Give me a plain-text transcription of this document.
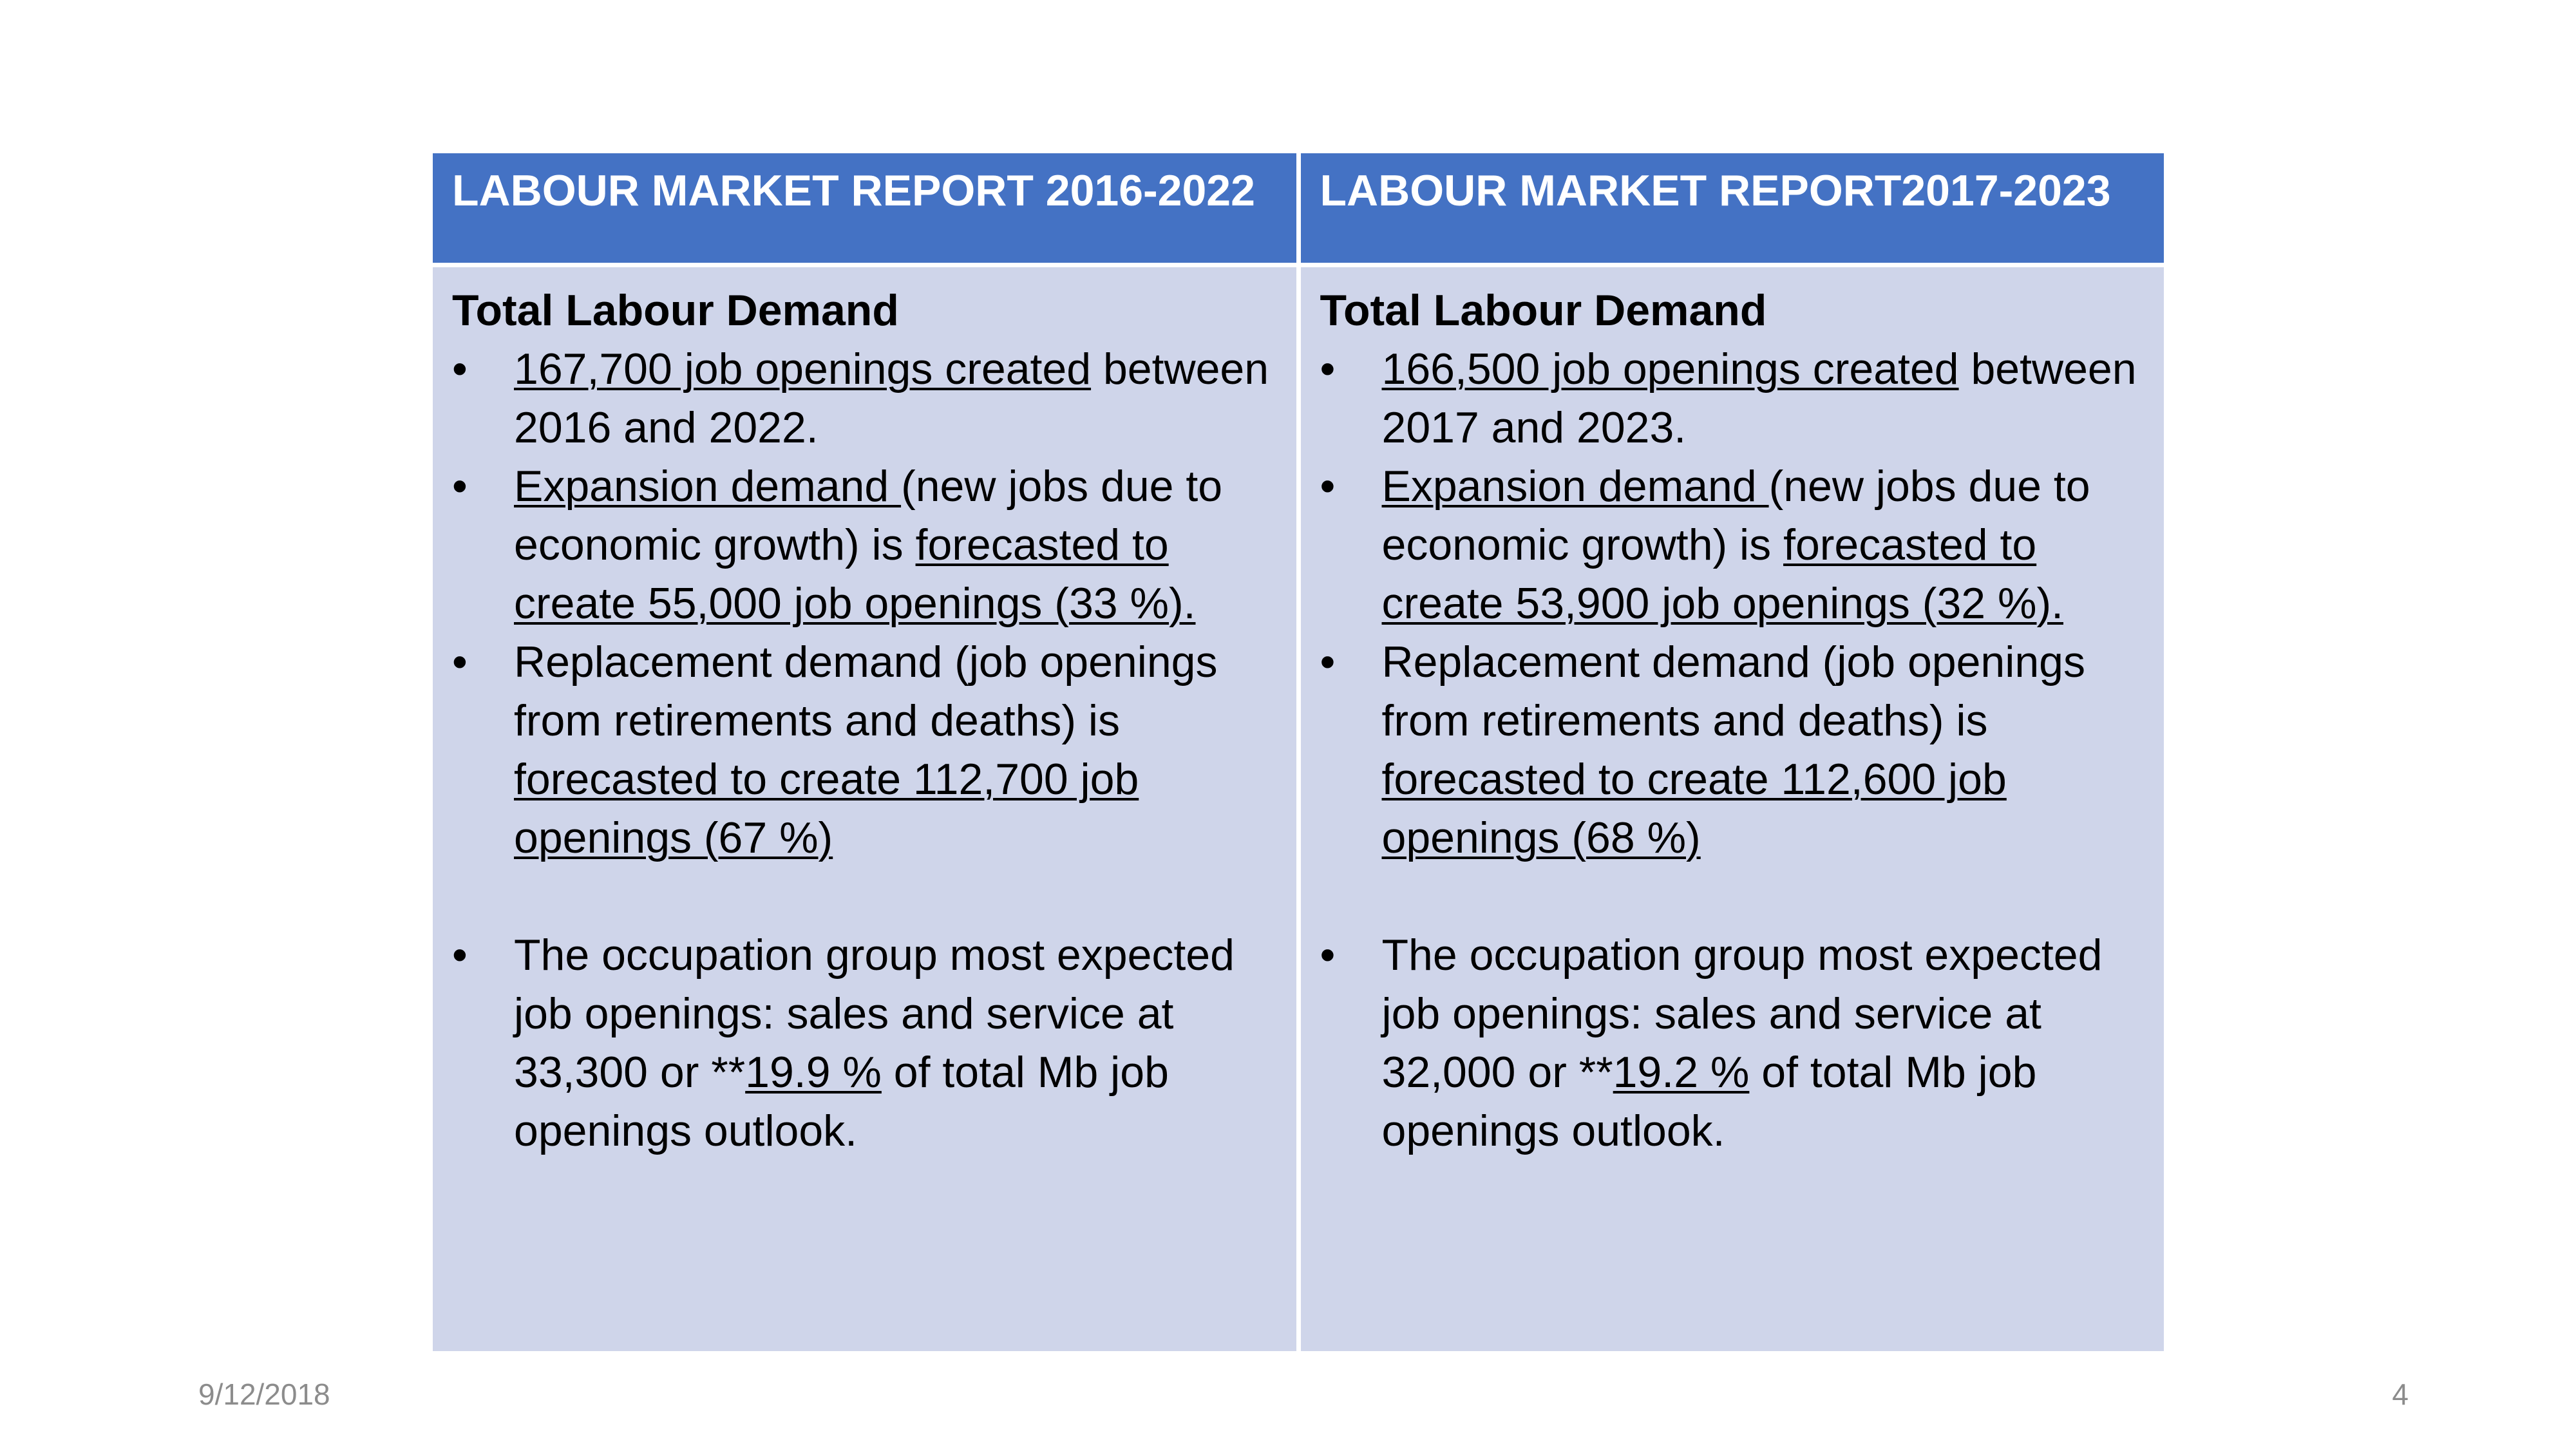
LABOUR MARKET REPORT 2016-2022	LABOUR MARKET REPORT2017-2023

Total Labour Demand

• 167,700 job openings created between 2016 and 2022.
• Expansion demand (new jobs due to economic growth) is forecasted to create 55,000 job openings (33 %).
• Replacement demand (job openings from retirements and deaths) is forecasted to create 112,700 job openings (67 %)
• The occupation group most expected job openings: sales and service at 33,300 or **19.9 % of total Mb job openings outlook.

Total Labour Demand

• 166,500 job openings created between 2017 and 2023.
• Expansion demand (new jobs due to economic growth) is forecasted to create 53,900 job openings (32 %).
• Replacement demand (job openings from retirements and deaths) is forecasted to create 112,600 job openings (68 %)
• The occupation group most expected job openings: sales and service at 32,000 or **19.2 % of total Mb job openings outlook.
9/12/2018	4
